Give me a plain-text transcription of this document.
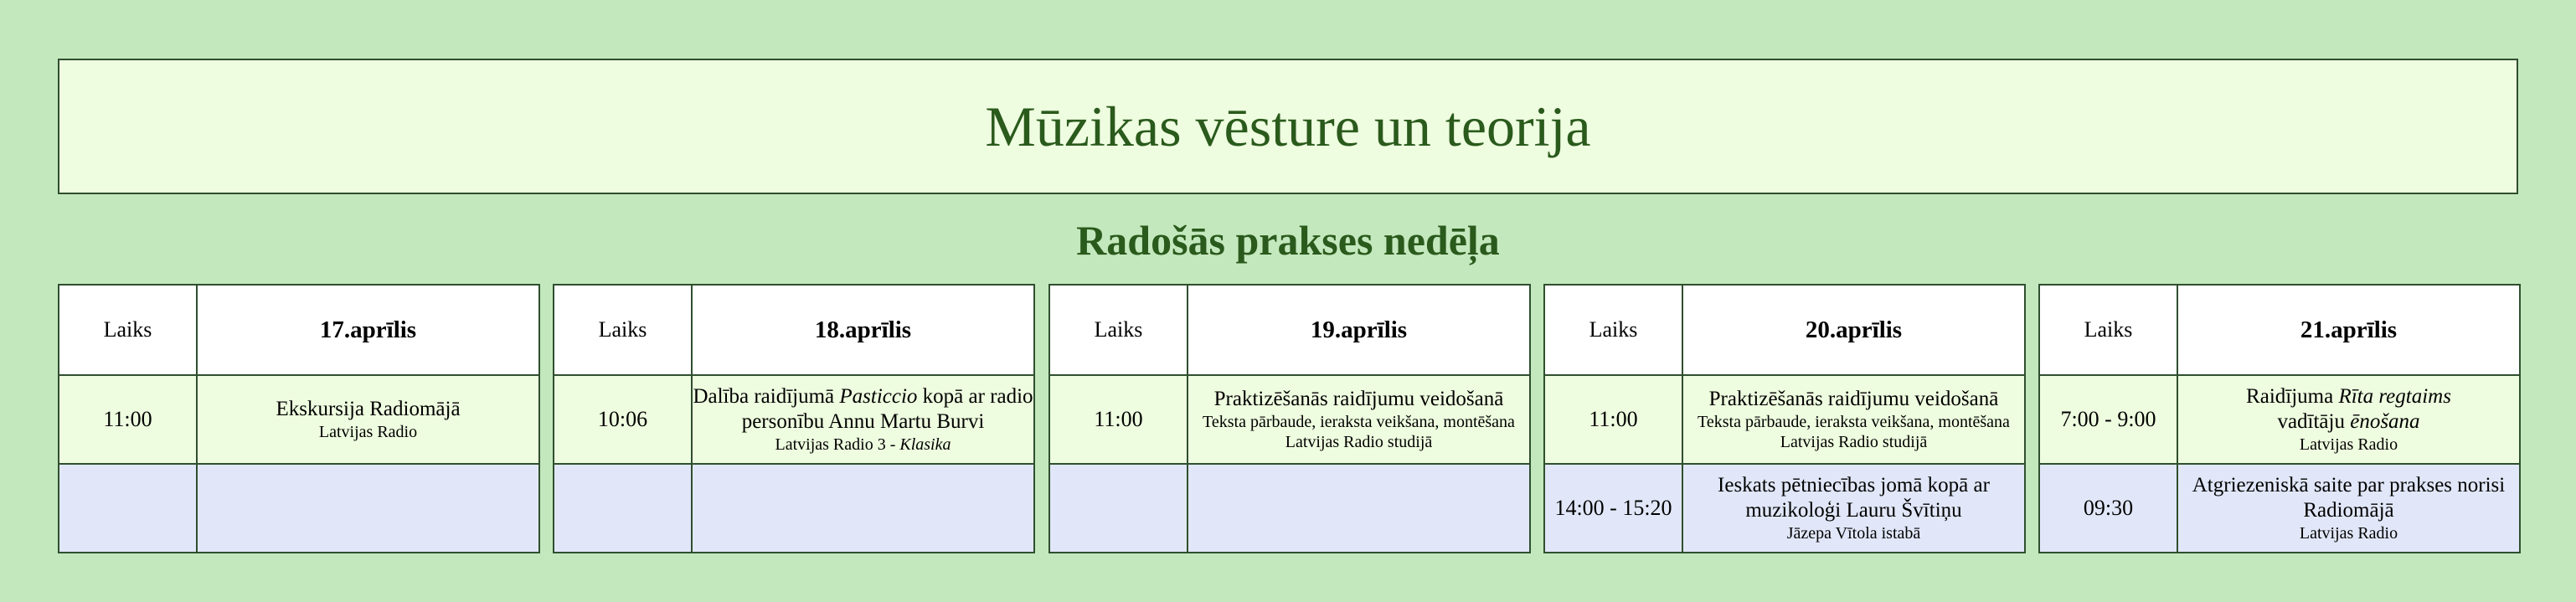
Mūzikas vēsture un teorija
Radošās prakses nedēļa
Laiks	17.aprīlis
11:00	Ekskursija Radiomājā
Latvijas Radio

Laiks	18.aprīlis
10:06	Dalība raidījumā Pasticcio kopā ar radio personību Annu Martu Burvi
Latvijas Radio 3 - Klasika

Laiks	19.aprīlis
11:00	Praktizēšanās raidījumu veidošanā
Teksta pārbaude, ieraksta veikšana, montēšana Latvijas Radio studijā

Laiks	20.aprīlis
11:00	Praktizēšanās raidījumu veidošanā
Teksta pārbaude, ieraksta veikšana, montēšana Latvijas Radio studijā

14:00 - 15:20	Ieskats pētniecības jomā kopā ar muzikoloģi Lauru Švītiņu
Jāzepa Vītola istabā
Laiks	21.aprīlis
7:00 - 9:00	Raidījuma Rīta regtaims
vadītāju ēnošana
Latvijas Radio

09:30	Atgriezeniskā saite par prakses norisi Radiomājā
Latvijas Radio
